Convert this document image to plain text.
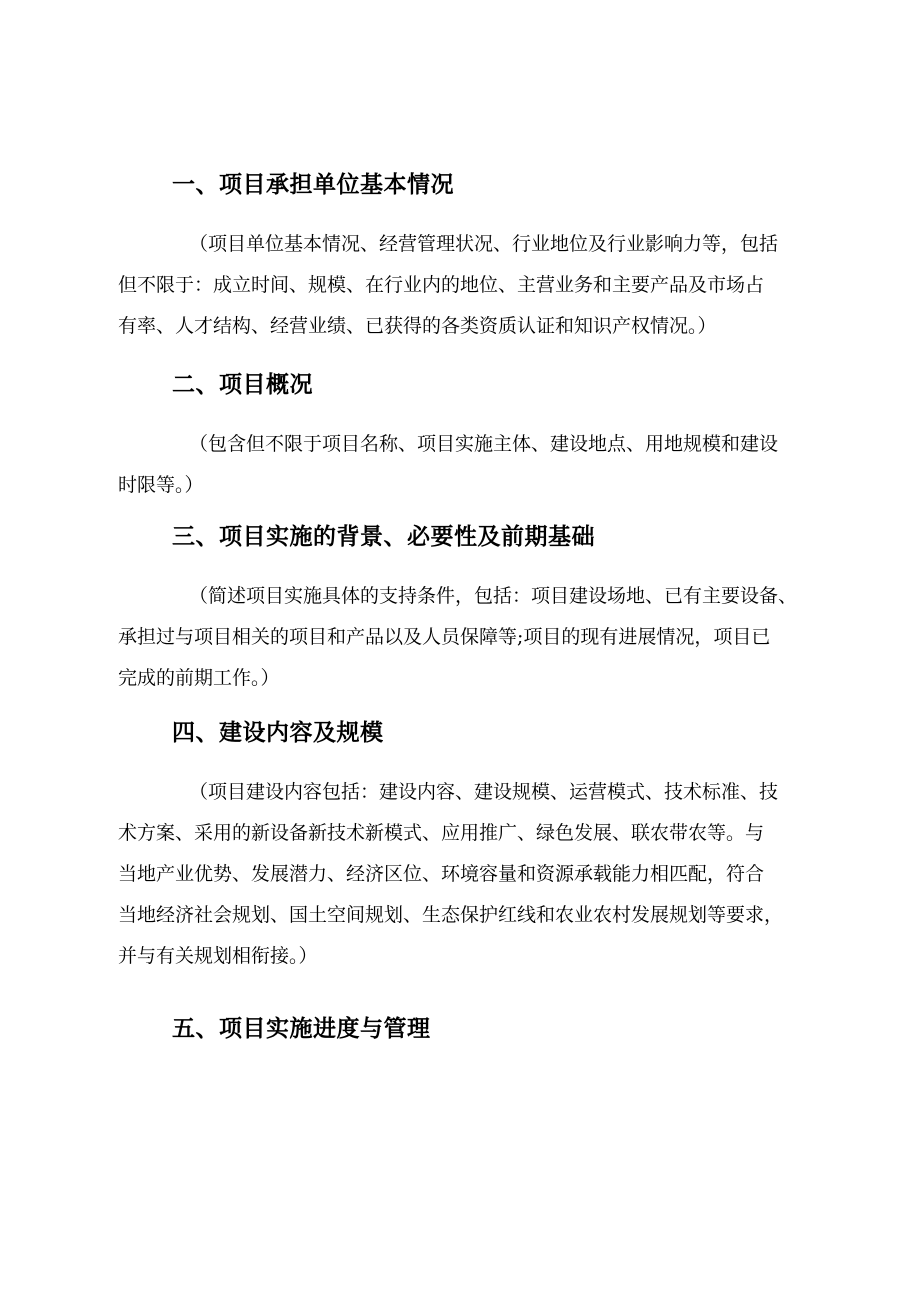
一、项目承担单位基本情况
（项目单位基本情况、经营管理状况、行业地位及行业影响力等，包括
但不限于：成立时间、规模、在行业内的地位、主营业务和主要产品及市场占
有率、人才结构、经营业绩、已获得的各类资质认证和知识产权情况。）
二、项目概况
（包含但不限于项目名称、项目实施主体、建设地点、用地规模和建设
时限等。）
三、项目实施的背景、必要性及前期基础
（简述项目实施具体的支持条件，包括：项目建设场地、已有主要设备、
承担过与项目相关的项目和产品以及人员保障等;项目的现有进展情况，项目已
完成的前期工作。）
四、建设内容及规模
（项目建设内容包括：建设内容、建设规模、运营模式、技术标准、技
术方案、采用的新设备新技术新模式、应用推广、绿色发展、联农带农等。与
当地产业优势、发展潜力、经济区位、环境容量和资源承载能力相匹配，符合
当地经济社会规划、国土空间规划、生态保护红线和农业农村发展规划等要求，
并与有关规划相衔接。）
五、项目实施进度与管理
